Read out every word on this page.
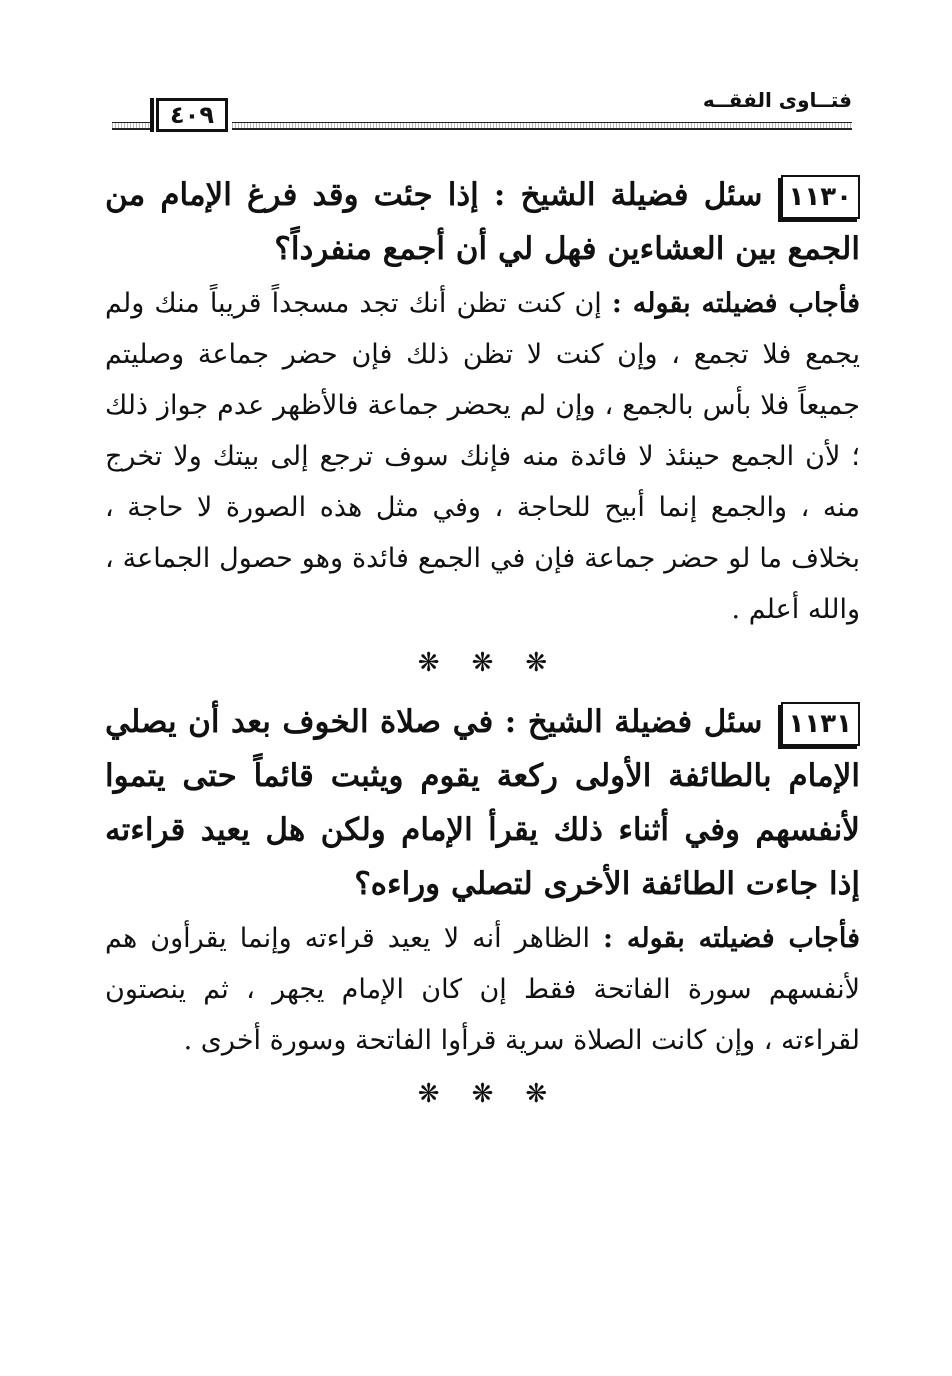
٤٠٩
فتــاوى الفقــه

١١٣٠سئل فضيلة الشيخ : إذا جئت وقد فرغ الإمام من الجمع بين العشاءين فهل لي أن أجمع منفرداً؟

فأجاب فضيلته بقوله : إن كنت تظن أنك تجد مسجداً قريباً منك ولم يجمع فلا تجمع ، وإن كنت لا تظن ذلك فإن حضر جماعة وصليتم جميعاً فلا بأس بالجمع ، وإن لم يحضر جماعة فالأظهر عدم جواز ذلك ؛ لأن الجمع حينئذ لا فائدة منه فإنك سوف ترجع إلى بيتك ولا تخرج منه ، والجمع إنما أبيح للحاجة ، وفي مثل هذه الصورة لا حاجة ، بخلاف ما لو حضر جماعة فإن في الجمع فائدة وهو حصول الجماعة ، والله أعلم .

❋❋❋

١١٣١سئل فضيلة الشيخ : في صلاة الخوف بعد أن يصلي الإمام بالطائفة الأولى ركعة يقوم ويثبت قائماً حتى يتموا لأنفسهم وفي أثناء ذلك يقرأ الإمام ولكن هل يعيد قراءته إذا جاءت الطائفة الأخرى لتصلي وراءه؟

فأجاب فضيلته بقوله : الظاهر أنه لا يعيد قراءته وإنما يقرأون هم لأنفسهم سورة الفاتحة فقط إن كان الإمام يجهر ، ثم ينصتون لقراءته ، وإن كانت الصلاة سرية قرأوا الفاتحة وسورة أخرى .

❋❋❋
